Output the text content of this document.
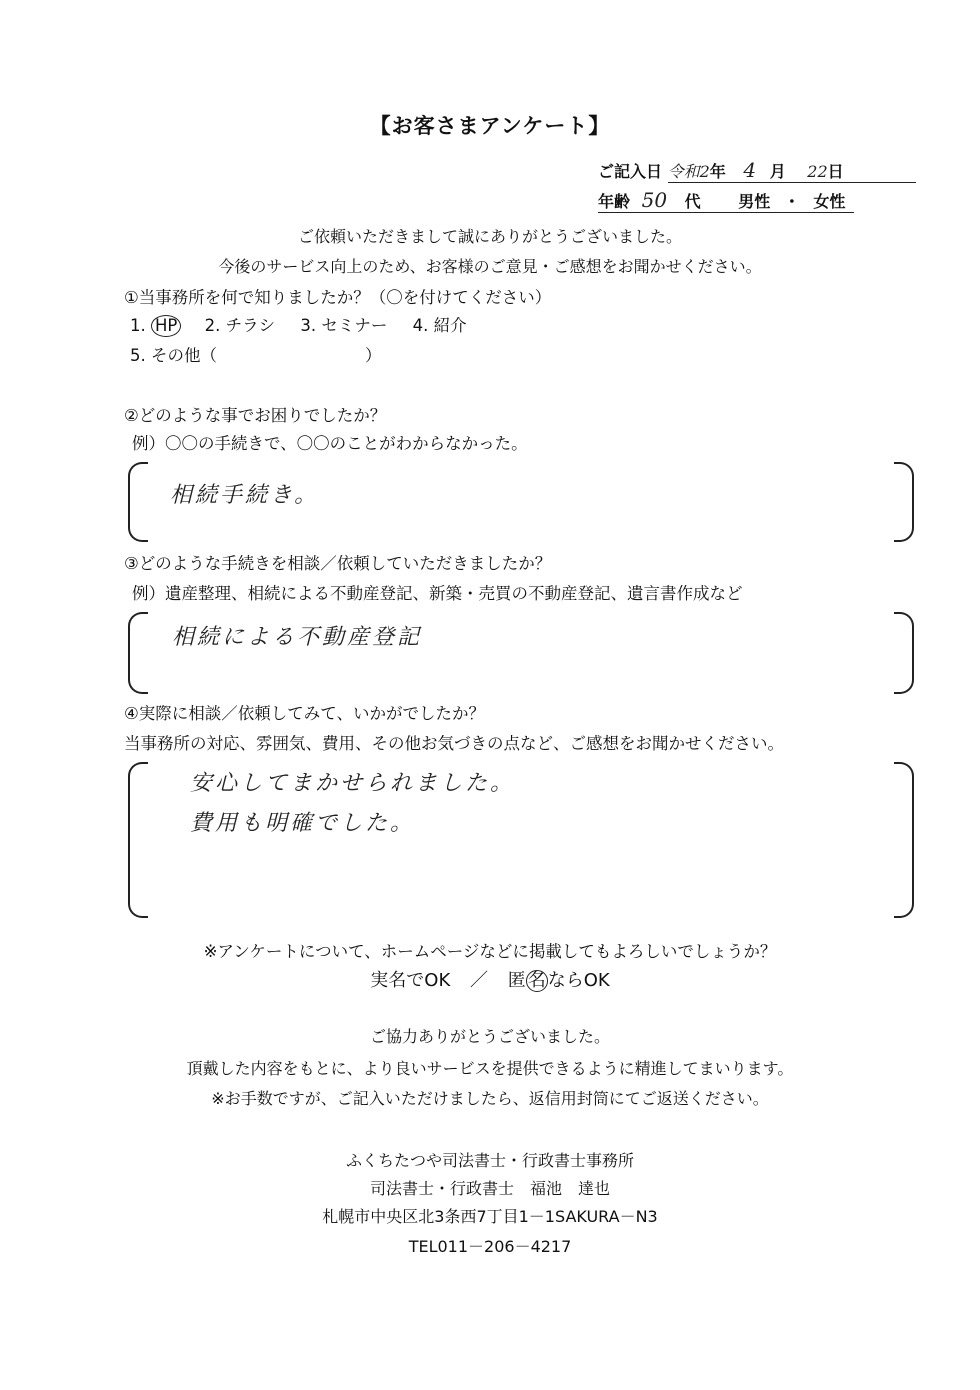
【お客さまアンケート】
ご記入日 令和2年 4 月 22日
年齢 50 代 男性 ・ 女性
ご依頼いただきまして誠にありがとうございました。
今後のサービス向上のため、お客様のご意見・ご感想をお聞かせください。
①当事務所を何で知りましたか？（〇を付けてください）
1. HP 2. チラシ 3. セミナー 4. 紹介
5. その他（	）
②どのような事でお困りでしたか？
例）〇〇の手続きで、〇〇のことがわからなかった。
相続手続き。
③どのような手続きを相談／依頼していただきましたか？
例）遺産整理、相続による不動産登記、新築・売買の不動産登記、遺言書作成など
相続による不動産登記
④実際に相談／依頼してみて、いかがでしたか？
当事務所の対応、雰囲気、費用、その他お気づきの点など、ご感想をお聞かせください。
安心してまかせられました。
費用も明確でした。
※アンケートについて、ホームページなどに掲載してもよろしいでしょうか？
実名でOK ／ 匿 名 ならOK
ご協力ありがとうございました。
頂戴した内容をもとに、より良いサービスを提供できるように精進してまいります。
※お手数ですが、ご記入いただけましたら、返信用封筒にてご返送ください。
ふくちたつや司法書士・行政書士事務所
司法書士・行政書士　福池　達也
札幌市中央区北3条西7丁目1－1SAKURA－N3
TEL011－206－4217
